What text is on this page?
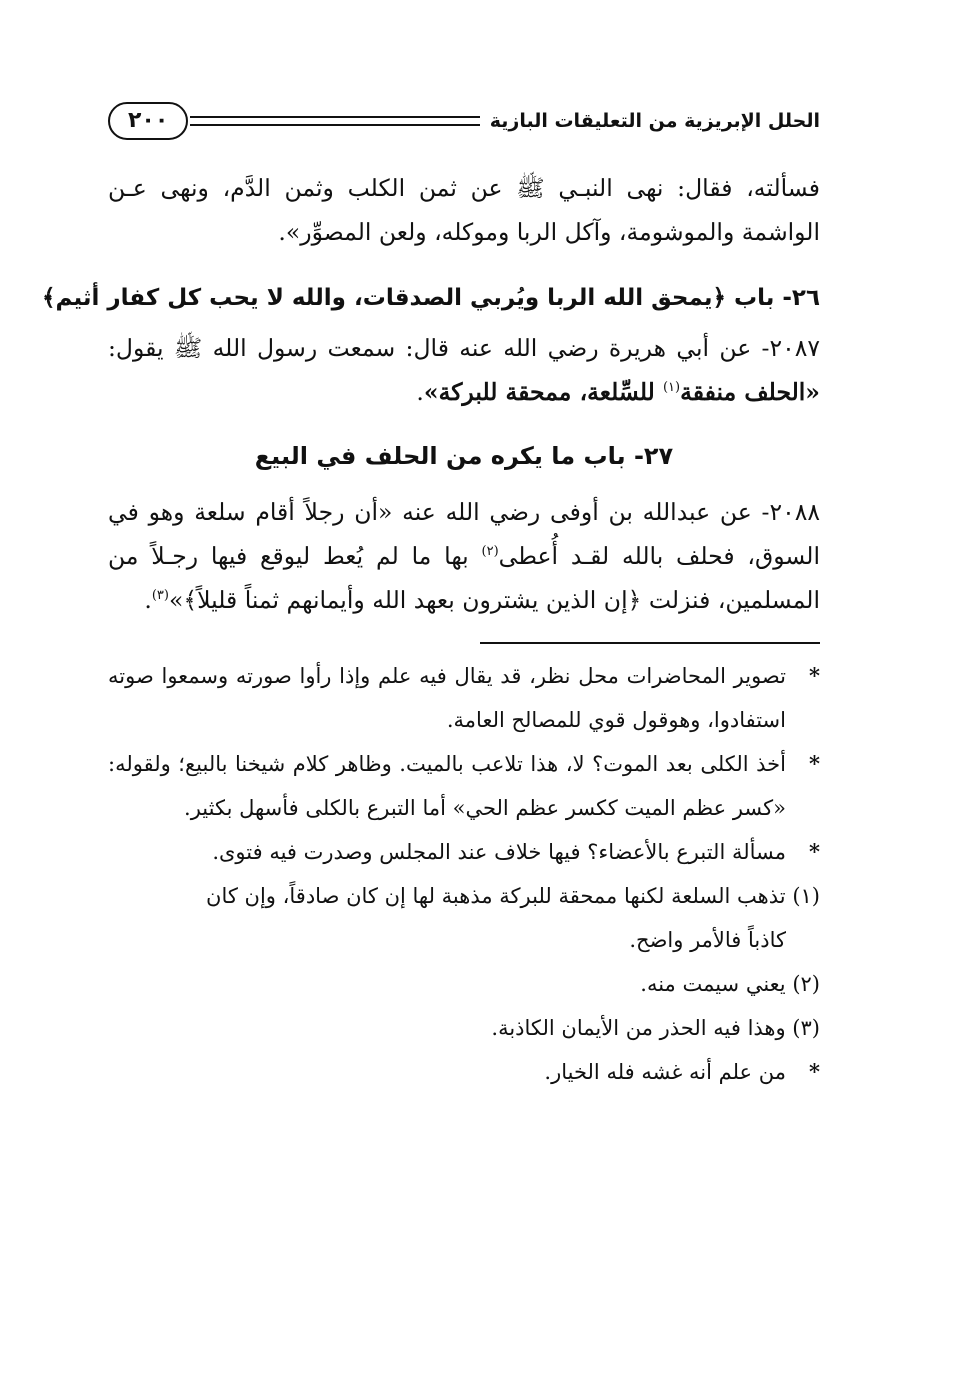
الحلل الإبريزية من التعليقات البازية
٢٠٠

فسألته، فقال: نهى النبـي ﷺ عن ثمن الكلب وثمن الدَّم، ونهى عـن الواشمة والموشومة، وآكل الربا وموكله، ولعن المصوِّر».

٢٦- باب ﴿يمحق الله الربا ويُربي الصدقات، والله لا يحب كل كفار أثيم﴾

٢٠٨٧- عن أبي هريرة رضي الله عنه قال: سمعت رسول الله ﷺ يقول: «الحلف منفقة$^{(١)}$ للسِّلعة، ممحقة للبركة».

٢٧- باب ما يكره من الحلف في البيع

٢٠٨٨- عن عبدالله بن أوفى رضي الله عنه «أن رجلاً أقام سلعة وهو في السوق، فحلف بالله لقـد أُعطى$^{(٢)}$ بها ما لم يُعط ليوقع فيها رجـلاً من المسلمين، فنزلت ﴿إن الذين يشترون بعهد الله وأيمانهم ثمناً قليلاً﴾»$^{(٣)}$.

*
تصوير المحاضرات محل نظر، قد يقال فيه علم وإذا رأوا صورته وسمعوا صوته استفادوا، وهوقول قوي للمصالح العامة.
*
أخذ الكلى بعد الموت؟ لا، هذا تلاعب بالميت. وظاهر كلام شيخنا بالبيع؛ ولقوله: «كسر عظم الميت ككسر عظم الحي» أما التبرع بالكلى فأسهل بكثير.
*
مسألة التبرع بالأعضاء؟ فيها خلاف عند المجلس وصدرت فيه فتوى.
(١) تذهب السلعة لكنها ممحقة للبركة مذهبة لها إن كان صادقاً، وإن كان
كاذباً فالأمر واضح.
(٢) يعني سيمت منه.
(٣) وهذا فيه الحذر من الأيمان الكاذبة.
*
من علم أنه غشه فله الخيار.
